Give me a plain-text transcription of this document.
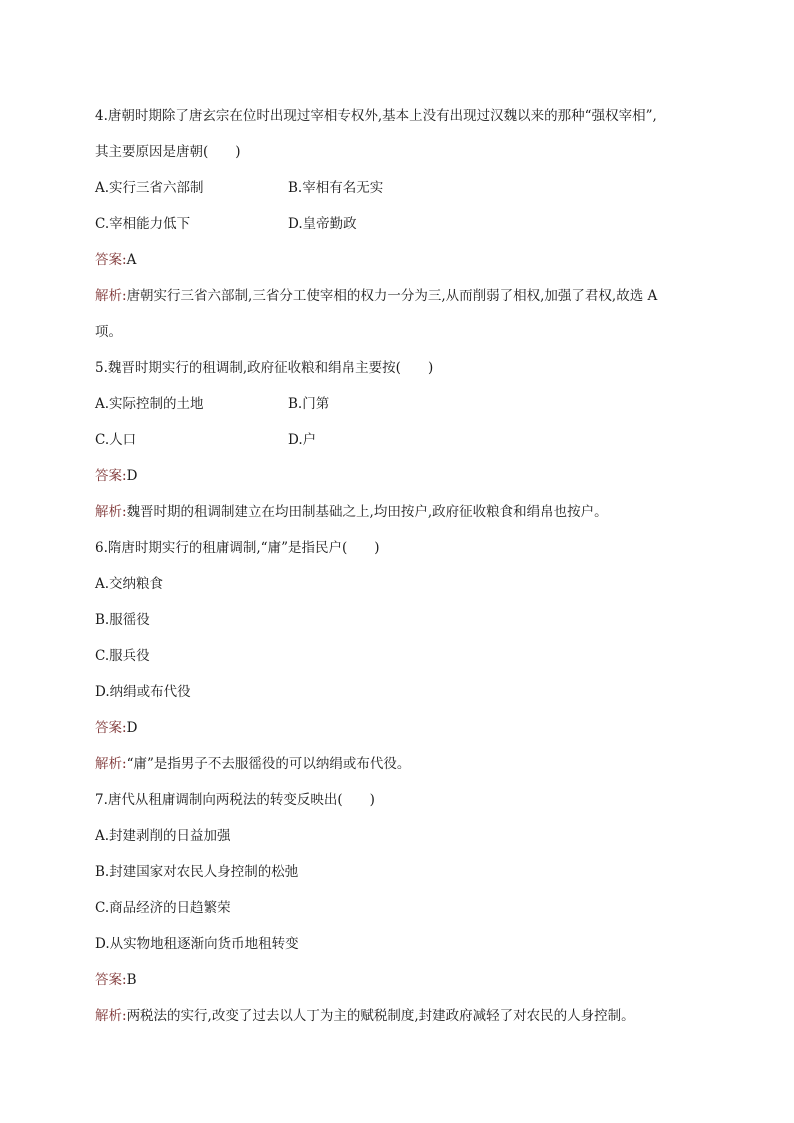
4.唐朝时期除了唐玄宗在位时出现过宰相专权外,基本上没有出现过汉魏以来的那种“强权宰相”,
其主要原因是唐朝(　　)
A.实行三省六部制	B.宰相有名无实
C.宰相能力低下	D.皇帝勤政
答案:A
解析:唐朝实行三省六部制,三省分工使宰相的权力一分为三,从而削弱了相权,加强了君权,故选 A
项。
5.魏晋时期实行的租调制,政府征收粮和绢帛主要按(　　)
A.实际控制的土地	B.门第
C.人口	D.户
答案:D
解析:魏晋时期的租调制建立在均田制基础之上,均田按户,政府征收粮食和绢帛也按户。
6.隋唐时期实行的租庸调制,“庸”是指民户(　　)
A.交纳粮食
B.服徭役
C.服兵役
D.纳绢或布代役
答案:D
解析:“庸”是指男子不去服徭役的可以纳绢或布代役。
7.唐代从租庸调制向两税法的转变反映出(　　)
A.封建剥削的日益加强
B.封建国家对农民人身控制的松弛
C.商品经济的日趋繁荣
D.从实物地租逐渐向货币地租转变
答案:B
解析:两税法的实行,改变了过去以人丁为主的赋税制度,封建政府减轻了对农民的人身控制。
